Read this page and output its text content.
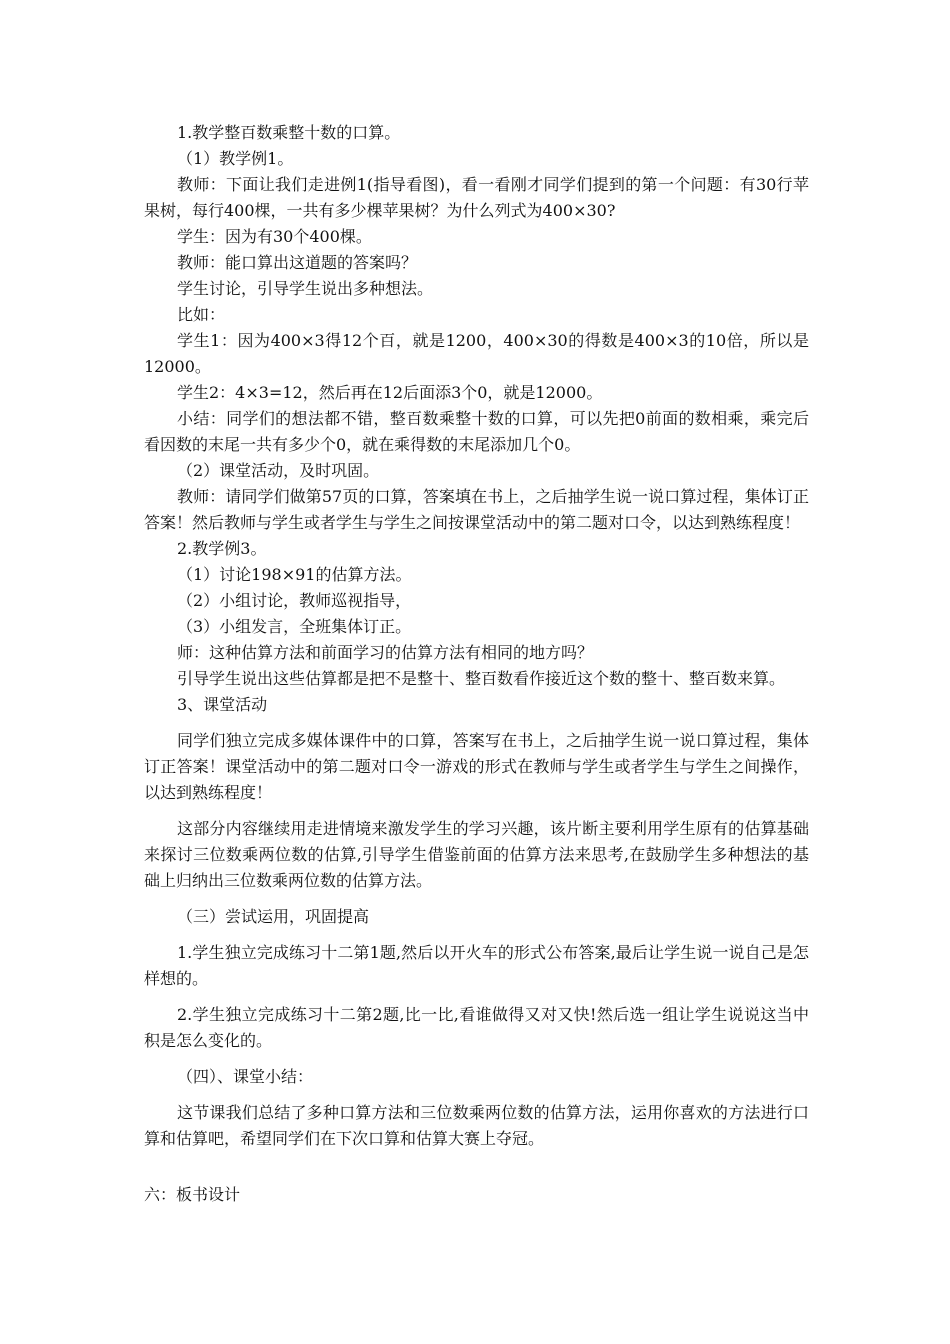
1.教学整百数乘整十数的口算。

（1）教学例1。

教师：下面让我们走进例1(指导看图)，看一看刚才同学们提到的第一个问题：有30行苹果树，每行400棵，一共有多少棵苹果树？为什么列式为400×30?

学生：因为有30个400棵。

教师：能口算出这道题的答案吗？

学生讨论，引导学生说出多种想法。

比如：

学生1：因为400×3得12个百，就是1200，400×30的得数是400×3的10倍，所以是12000。

学生2：4×3=12，然后再在12后面添3个0，就是12000。

小结：同学们的想法都不错，整百数乘整十数的口算，可以先把0前面的数相乘，乘完后看因数的末尾一共有多少个0，就在乘得数的末尾添加几个0。

（2）课堂活动，及时巩固。

教师：请同学们做第57页的口算，答案填在书上，之后抽学生说一说口算过程，集体订正答案！然后教师与学生或者学生与学生之间按课堂活动中的第二题对口令，以达到熟练程度！

2.教学例3。

（1）讨论198×91的估算方法。

（2）小组讨论，教师巡视指导，

（3）小组发言，全班集体订正。

师：这种估算方法和前面学习的估算方法有相同的地方吗？

引导学生说出这些估算都是把不是整十、整百数看作接近这个数的整十、整百数来算。

3、课堂活动

同学们独立完成多媒体课件中的口算，答案写在书上，之后抽学生说一说口算过程，集体订正答案！课堂活动中的第二题对口令一游戏的形式在教师与学生或者学生与学生之间操作，以达到熟练程度！

这部分内容继续用走进情境来激发学生的学习兴趣，该片断主要利用学生原有的估算基础来探讨三位数乘两位数的估算,引导学生借鉴前面的估算方法来思考,在鼓励学生多种想法的基础上归纳出三位数乘两位数的估算方法。

（三）尝试运用，巩固提高

1.学生独立完成练习十二第1题,然后以开火车的形式公布答案,最后让学生说一说自己是怎样想的。

2.学生独立完成练习十二第2题,比一比,看谁做得又对又快!然后选一组让学生说说这当中积是怎么变化的。

（四）、课堂小结：

这节课我们总结了多种口算方法和三位数乘两位数的估算方法，运用你喜欢的方法进行口算和估算吧，希望同学们在下次口算和估算大赛上夺冠。

六：板书设计
